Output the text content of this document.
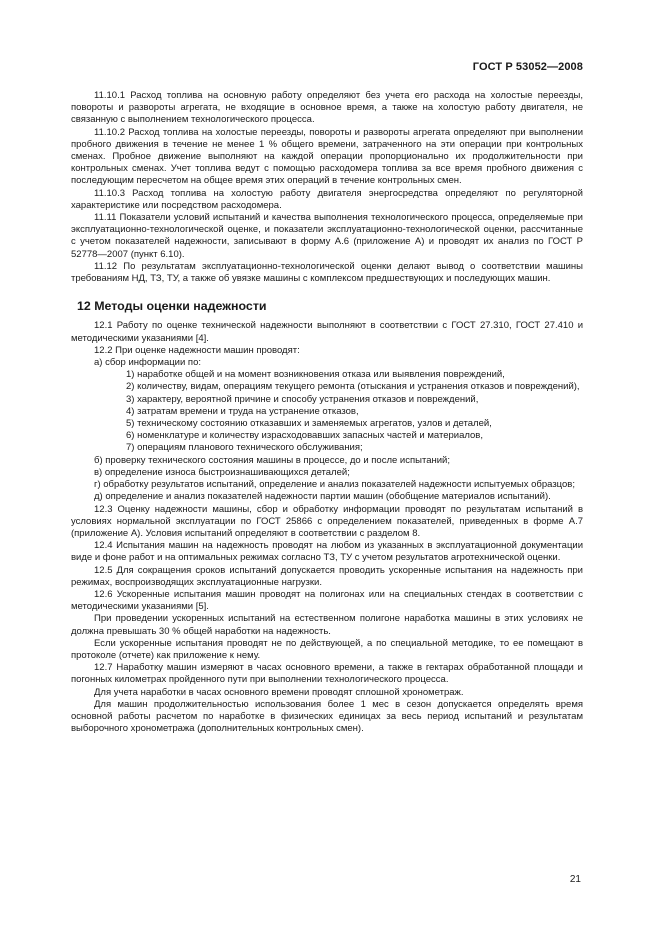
ГОСТ Р 53052—2008

11.10.1 Расход топлива на основную работу определяют без учета его расхода на холостые переезды, повороты и развороты агрегата, не входящие в основное время, а также на холостую работу двигателя, не связанную с выполнением технологического процесса.

11.10.2 Расход топлива на холостые переезды, повороты и развороты агрегата определяют при выполнении пробного движения в течение не менее 1 % общего времени, затраченного на эти операции при контрольных сменах. Пробное движение выполняют на каждой операции пропорционально их продолжительности при контрольных сменах. Учет топлива ведут с помощью расходомера топлива за все время пробного движения с последующим пересчетом на общее время этих операций в течение контрольных смен.

11.10.3 Расход топлива на холостую работу двигателя энергосредства определяют по регуляторной характеристике или посредством расходомера.

11.11 Показатели условий испытаний и качества выполнения технологического процесса, определяемые при эксплуатационно-технологической оценке, и показатели эксплуатационно-технологической оценки, рассчитанные с учетом показателей надежности, записывают в форму А.6 (приложение А) и проводят их анализ по ГОСТ Р 52778—2007 (пункт 6.10).

11.12 По результатам эксплуатационно-технологической оценки делают вывод о соответствии машины требованиям НД, ТЗ, ТУ, а также об увязке машины с комплексом предшествующих и последующих машин.

12 Методы оценки надежности

12.1 Работу по оценке технической надежности выполняют в соответствии с ГОСТ 27.310, ГОСТ 27.410 и методическими указаниями [4].

12.2 При оценке надежности машин проводят:

а) сбор информации по:

1) наработке общей и на момент возникновения отказа или выявления повреждений,

2) количеству, видам, операциям текущего ремонта (отыскания и устранения отказов и повреждений),

3) характеру, вероятной причине и способу устранения отказов и повреждений,

4) затратам времени и труда на устранение отказов,

5) техническому состоянию отказавших и заменяемых агрегатов, узлов и деталей,

6) номенклатуре и количеству израсходовавших запасных частей и материалов,

7) операциям планового технического обслуживания;

б) проверку технического состояния машины в процессе, до и после испытаний;

в) определение износа быстроизнашивающихся деталей;

г) обработку результатов испытаний, определение и анализ показателей надежности испытуемых образцов;

д) определение и анализ показателей надежности партии машин (обобщение материалов испытаний).

12.3 Оценку надежности машины, сбор и обработку информации проводят по результатам испытаний в условиях нормальной эксплуатации по ГОСТ 25866 с определением показателей, приведенных в форме А.7 (приложение А). Условия испытаний определяют в соответствии с разделом 8.

12.4 Испытания машин на надежность проводят на любом из указанных в эксплуатационной документации виде и фоне работ и на оптимальных режимах согласно ТЗ, ТУ с учетом результатов агротехнической оценки.

12.5 Для сокращения сроков испытаний допускается проводить ускоренные испытания на надежность при режимах, воспроизводящих эксплуатационные нагрузки.

12.6 Ускоренные испытания машин проводят на полигонах или на специальных стендах в соответствии с методическими указаниями [5].

При проведении ускоренных испытаний на естественном полигоне наработка машины в этих условиях не должна превышать 30 % общей наработки на надежность.

Если ускоренные испытания проводят не по действующей, а по специальной методике, то ее помещают в протоколе (отчете) как приложение к нему.

12.7 Наработку машин измеряют в часах основного времени, а также в гектарах обработанной площади и погонных километрах пройденного пути при выполнении технологического процесса.

Для учета наработки в часах основного времени проводят сплошной хронометраж.

Для машин продолжительностью использования более 1 мес в сезон допускается определять время основной работы расчетом по наработке в физических единицах за весь период испытаний и результатам выборочного хронометража (дополнительных контрольных смен).

21
